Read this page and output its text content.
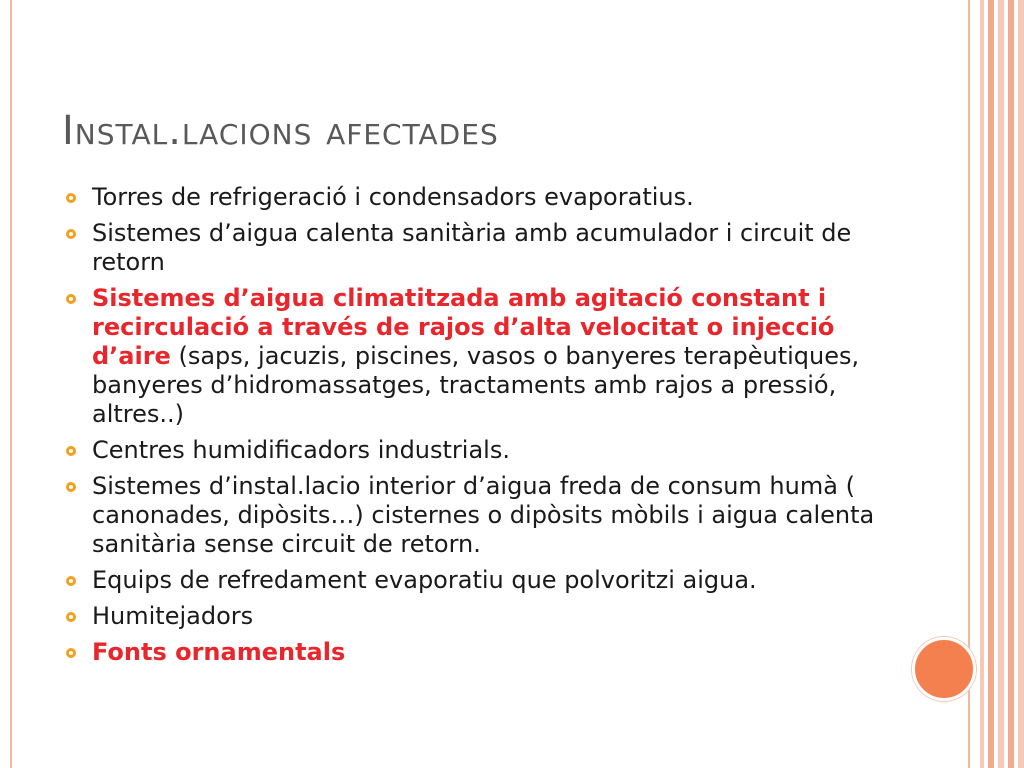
Instal.lacions afectades
Torres de refrigeració i condensadors evaporatius.
Sistemes d’aigua calenta sanitària amb acumulador i circuit de retorn
Sistemes d’aigua climatitzada amb agitació constant i recirculació a través de rajos d’alta velocitat o injecció d’aire (saps, jacuzis, piscines, vasos o banyeres terapèutiques, banyeres d’hidromassatges, tractaments amb rajos a pressió, altres..)
Centres humidificadors industrials.
Sistemes d’instal.lacio interior d’aigua freda de consum humà ( canonades, dipòsits…) cisternes o dipòsits mòbils i aigua calenta sanitària sense circuit de retorn.
Equips de refredament evaporatiu que polvoritzi aigua.
Humitejadors
Fonts ornamentals
